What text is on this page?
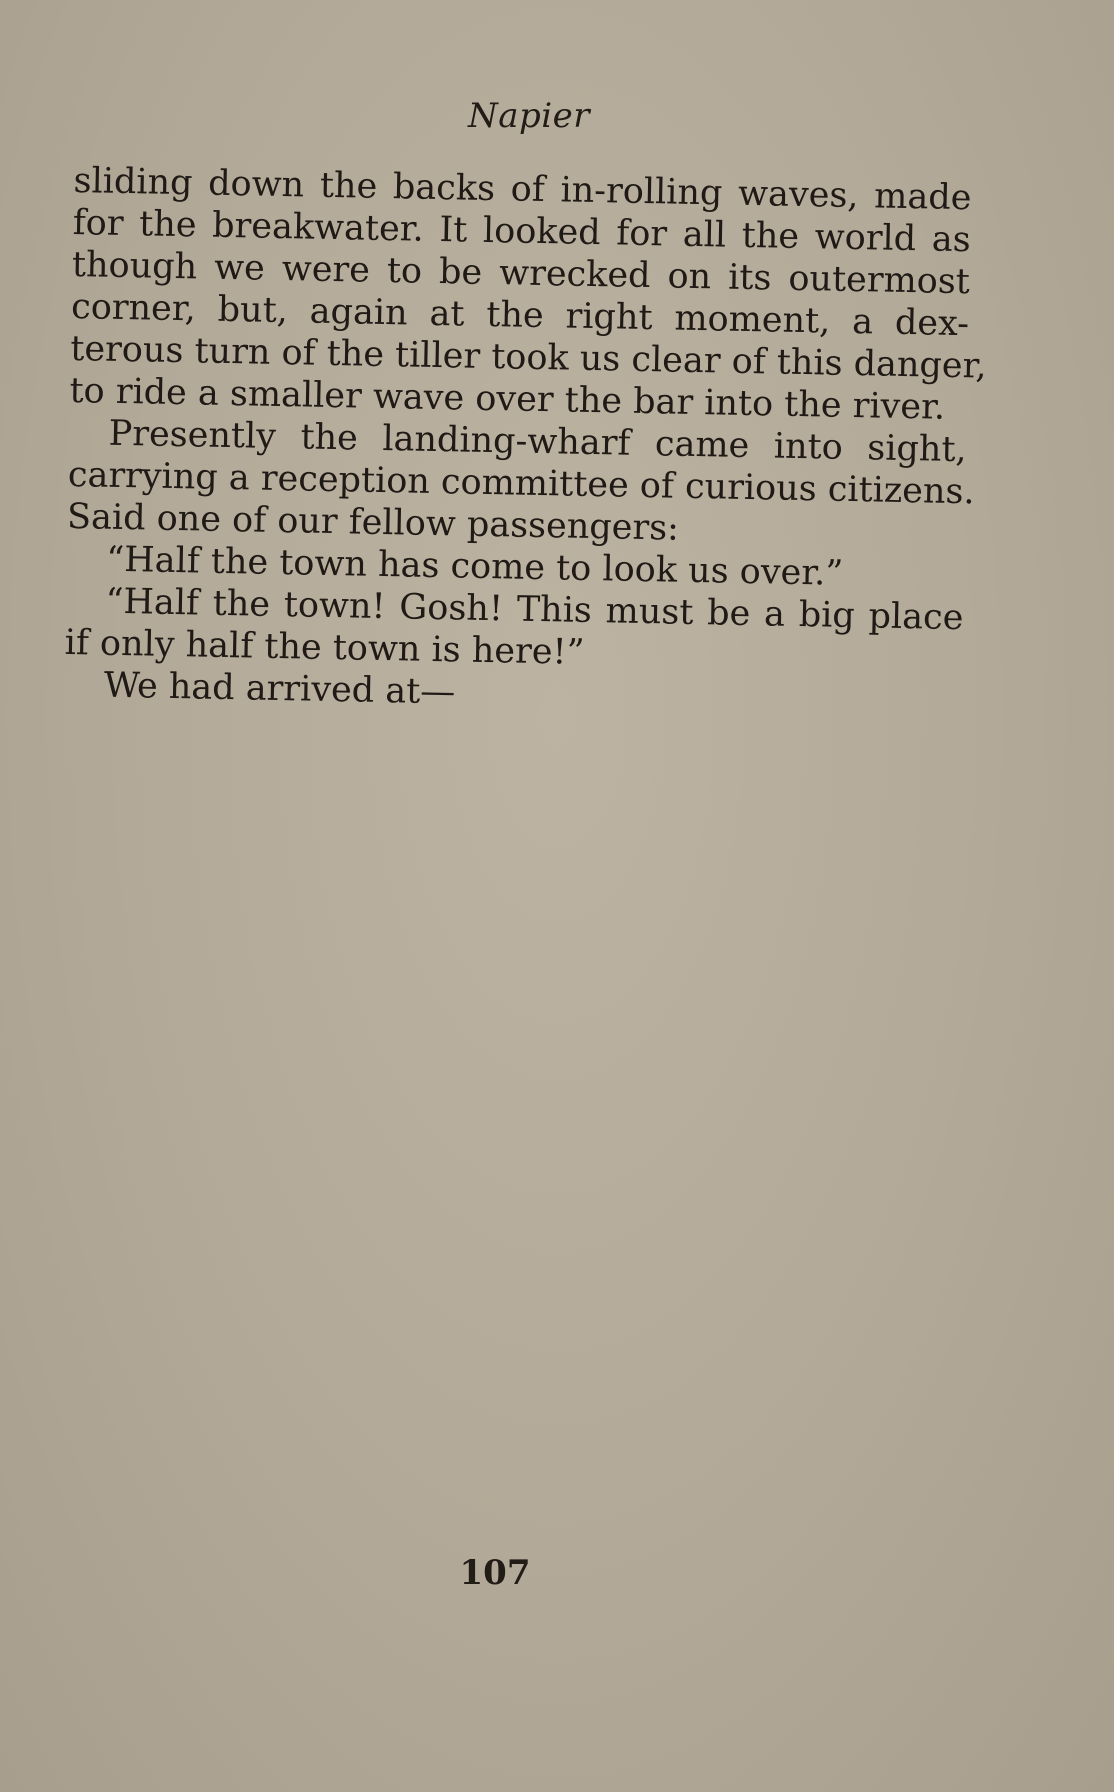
Napier
sliding down the backs of in-rolling waves, made
for the breakwater. It looked for all the world as
though we were to be wrecked on its outermost
corner, but, again at the right moment, a dex-
terous turn of the tiller took us clear of this danger,
to ride a smaller wave over the bar into the river.
Presently the landing-wharf came into sight,
carrying a reception committee of curious citizens.
Said one of our fellow passengers:
“Half the town has come to look us over.”
“Half the town! Gosh! This must be a big place
if only half the town is here!”
We had arrived at—
107
